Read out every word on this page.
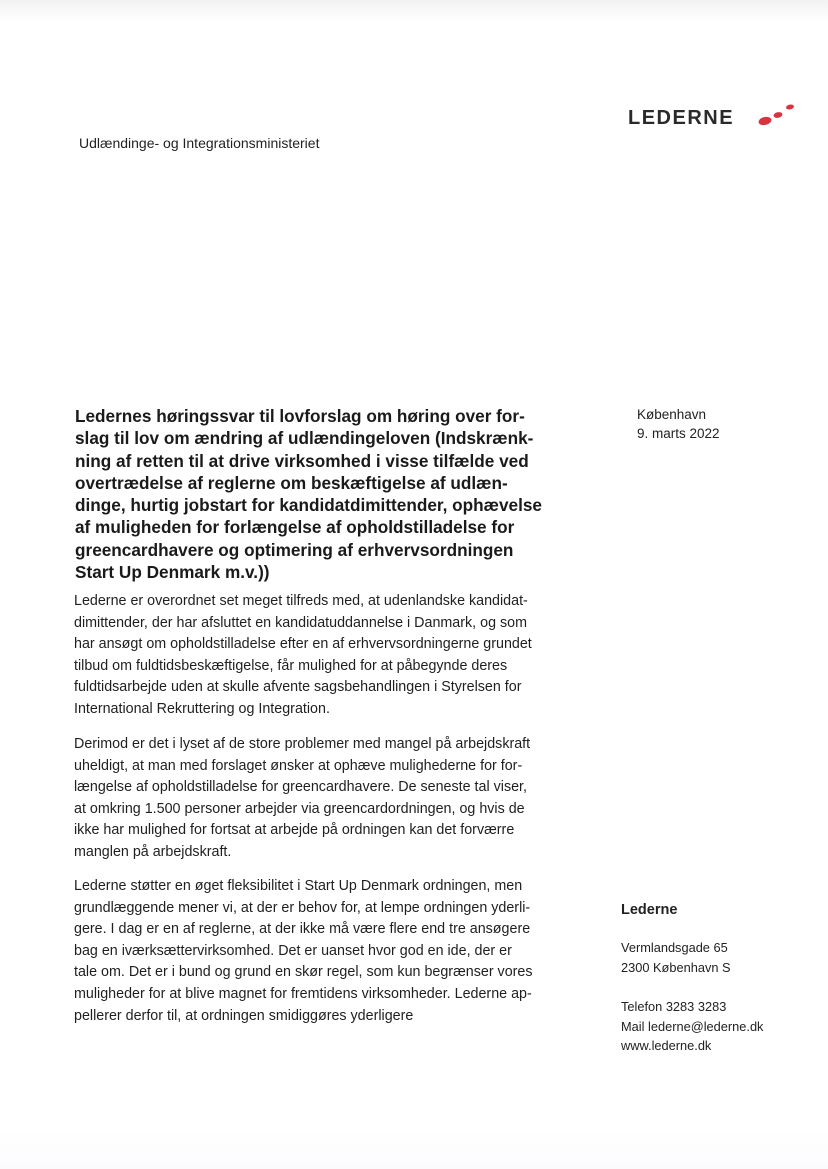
LEDERNE
Udlændinge- og Integrationsministeriet
København
9. marts 2022
Ledernes høringssvar til lovforslag om høring over for-
slag til lov om ændring af udlændingeloven (Indskrænk-
ning af retten til at drive virksomhed i visse tilfælde ved
overtrædelse af reglerne om beskæftigelse af udlæn-
dinge, hurtig jobstart for kandidatdimittender, ophævelse
af muligheden for forlængelse af opholdstilladelse for
greencardhavere og optimering af erhvervsordningen
Start Up Denmark m.v.))

Lederne er overordnet set meget tilfreds med, at udenlandske kandidat-
dimittender, der har afsluttet en kandidatuddannelse i Danmark, og som
har ansøgt om opholdstilladelse efter en af erhvervsordningerne grundet
tilbud om fuldtidsbeskæftigelse, får mulighed for at påbegynde deres
fuldtidsarbejde uden at skulle afvente sagsbehandlingen i Styrelsen for
International Rekruttering og Integration.

Derimod er det i lyset af de store problemer med mangel på arbejdskraft
uheldigt, at man med forslaget ønsker at ophæve mulighederne for for-
længelse af opholdstilladelse for greencardhavere. De seneste tal viser,
at omkring 1.500 personer arbejder via greencardordningen, og hvis de
ikke har mulighed for fortsat at arbejde på ordningen kan det forværre
manglen på arbejdskraft.

Lederne støtter en øget fleksibilitet i Start Up Denmark ordningen, men
grundlæggende mener vi, at der er behov for, at lempe ordningen yderli-
gere. I dag er en af reglerne, at der ikke må være flere end tre ansøgere
bag en iværksættervirksomhed. Det er uanset hvor god en ide, der er
tale om. Det er i bund og grund en skør regel, som kun begrænser vores
muligheder for at blive magnet for fremtidens virksomheder. Lederne ap-
pellerer derfor til, at ordningen smidiggøres yderligere

Lederne
Vermlandsgade 65
2300 København S
Telefon 3283 3283
Mail lederne@lederne.dk
www.lederne.dk
